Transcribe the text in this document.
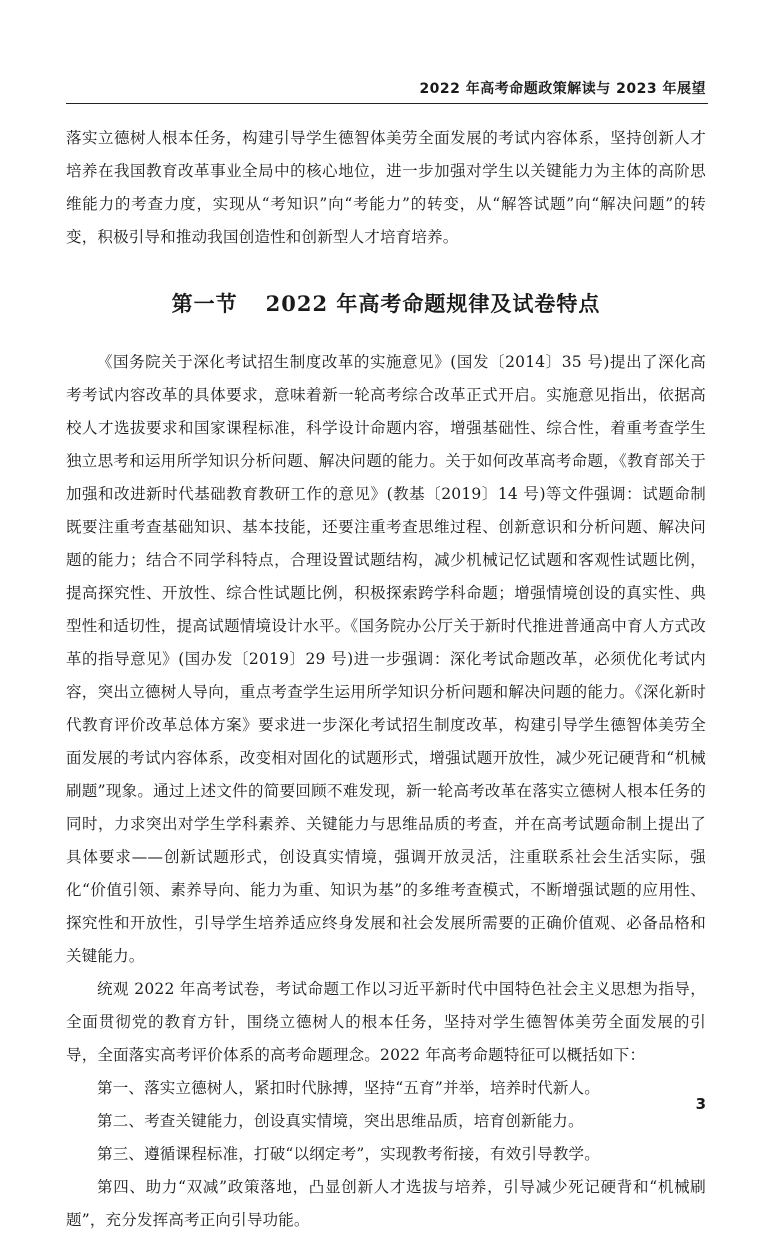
2022 年高考命题政策解读与 2023 年展望

落实立德树人根本任务，构建引导学生德智体美劳全面发展的考试内容体系，坚持创新人才培养在我国教育改革事业全局中的核心地位，进一步加强对学生以关键能力为主体的高阶思维能力的考查力度，实现从“考知识”向“考能力”的转变，从“解答试题”向“解决问题”的转变，积极引导和推动我国创造性和创新型人才培育培养。

第一节 2022 年高考命题规律及试卷特点

《国务院关于深化考试招生制度改革的实施意见》(国发〔2014〕35 号)提出了深化高考考试内容改革的具体要求，意味着新一轮高考综合改革正式开启。实施意见指出，依据高校人才选拔要求和国家课程标准，科学设计命题内容，增强基础性、综合性，着重考查学生独立思考和运用所学知识分析问题、解决问题的能力。关于如何改革高考命题，《教育部关于加强和改进新时代基础教育教研工作的意见》(教基〔2019〕14 号)等文件强调：试题命制既要注重考查基础知识、基本技能，还要注重考查思维过程、创新意识和分析问题、解决问题的能力；结合不同学科特点，合理设置试题结构，减少机械记忆试题和客观性试题比例，提高探究性、开放性、综合性试题比例，积极探索跨学科命题；增强情境创设的真实性、典型性和适切性，提高试题情境设计水平。《国务院办公厅关于新时代推进普通高中育人方式改革的指导意见》(国办发〔2019〕29 号)进一步强调：深化考试命题改革，必须优化考试内容，突出立德树人导向，重点考查学生运用所学知识分析问题和解决问题的能力。《深化新时代教育评价改革总体方案》要求进一步深化考试招生制度改革，构建引导学生德智体美劳全面发展的考试内容体系，改变相对固化的试题形式，增强试题开放性，减少死记硬背和“机械刷题”现象。通过上述文件的简要回顾不难发现，新一轮高考改革在落实立德树人根本任务的同时，力求突出对学生学科素养、关键能力与思维品质的考查，并在高考试题命制上提出了具体要求——创新试题形式，创设真实情境，强调开放灵活，注重联系社会生活实际，强化“价值引领、素养导向、能力为重、知识为基”的多维考查模式，不断增强试题的应用性、探究性和开放性，引导学生培养适应终身发展和社会发展所需要的正确价值观、必备品格和关键能力。

统观 2022 年高考试卷，考试命题工作以习近平新时代中国特色社会主义思想为指导，全面贯彻党的教育方针，围绕立德树人的根本任务，坚持对学生德智体美劳全面发展的引导，全面落实高考评价体系的高考命题理念。2022 年高考命题特征可以概括如下：

第一、落实立德树人，紧扣时代脉搏，坚持“五育”并举，培养时代新人。

第二、考查关键能力，创设真实情境，突出思维品质，培育创新能力。

第三、遵循课程标准，打破“以纲定考”，实现教考衔接，有效引导教学。

第四、助力“双减”政策落地，凸显创新人才选拔与培养，引导减少死记硬背和“机械刷题”，充分发挥高考正向引导功能。

3
